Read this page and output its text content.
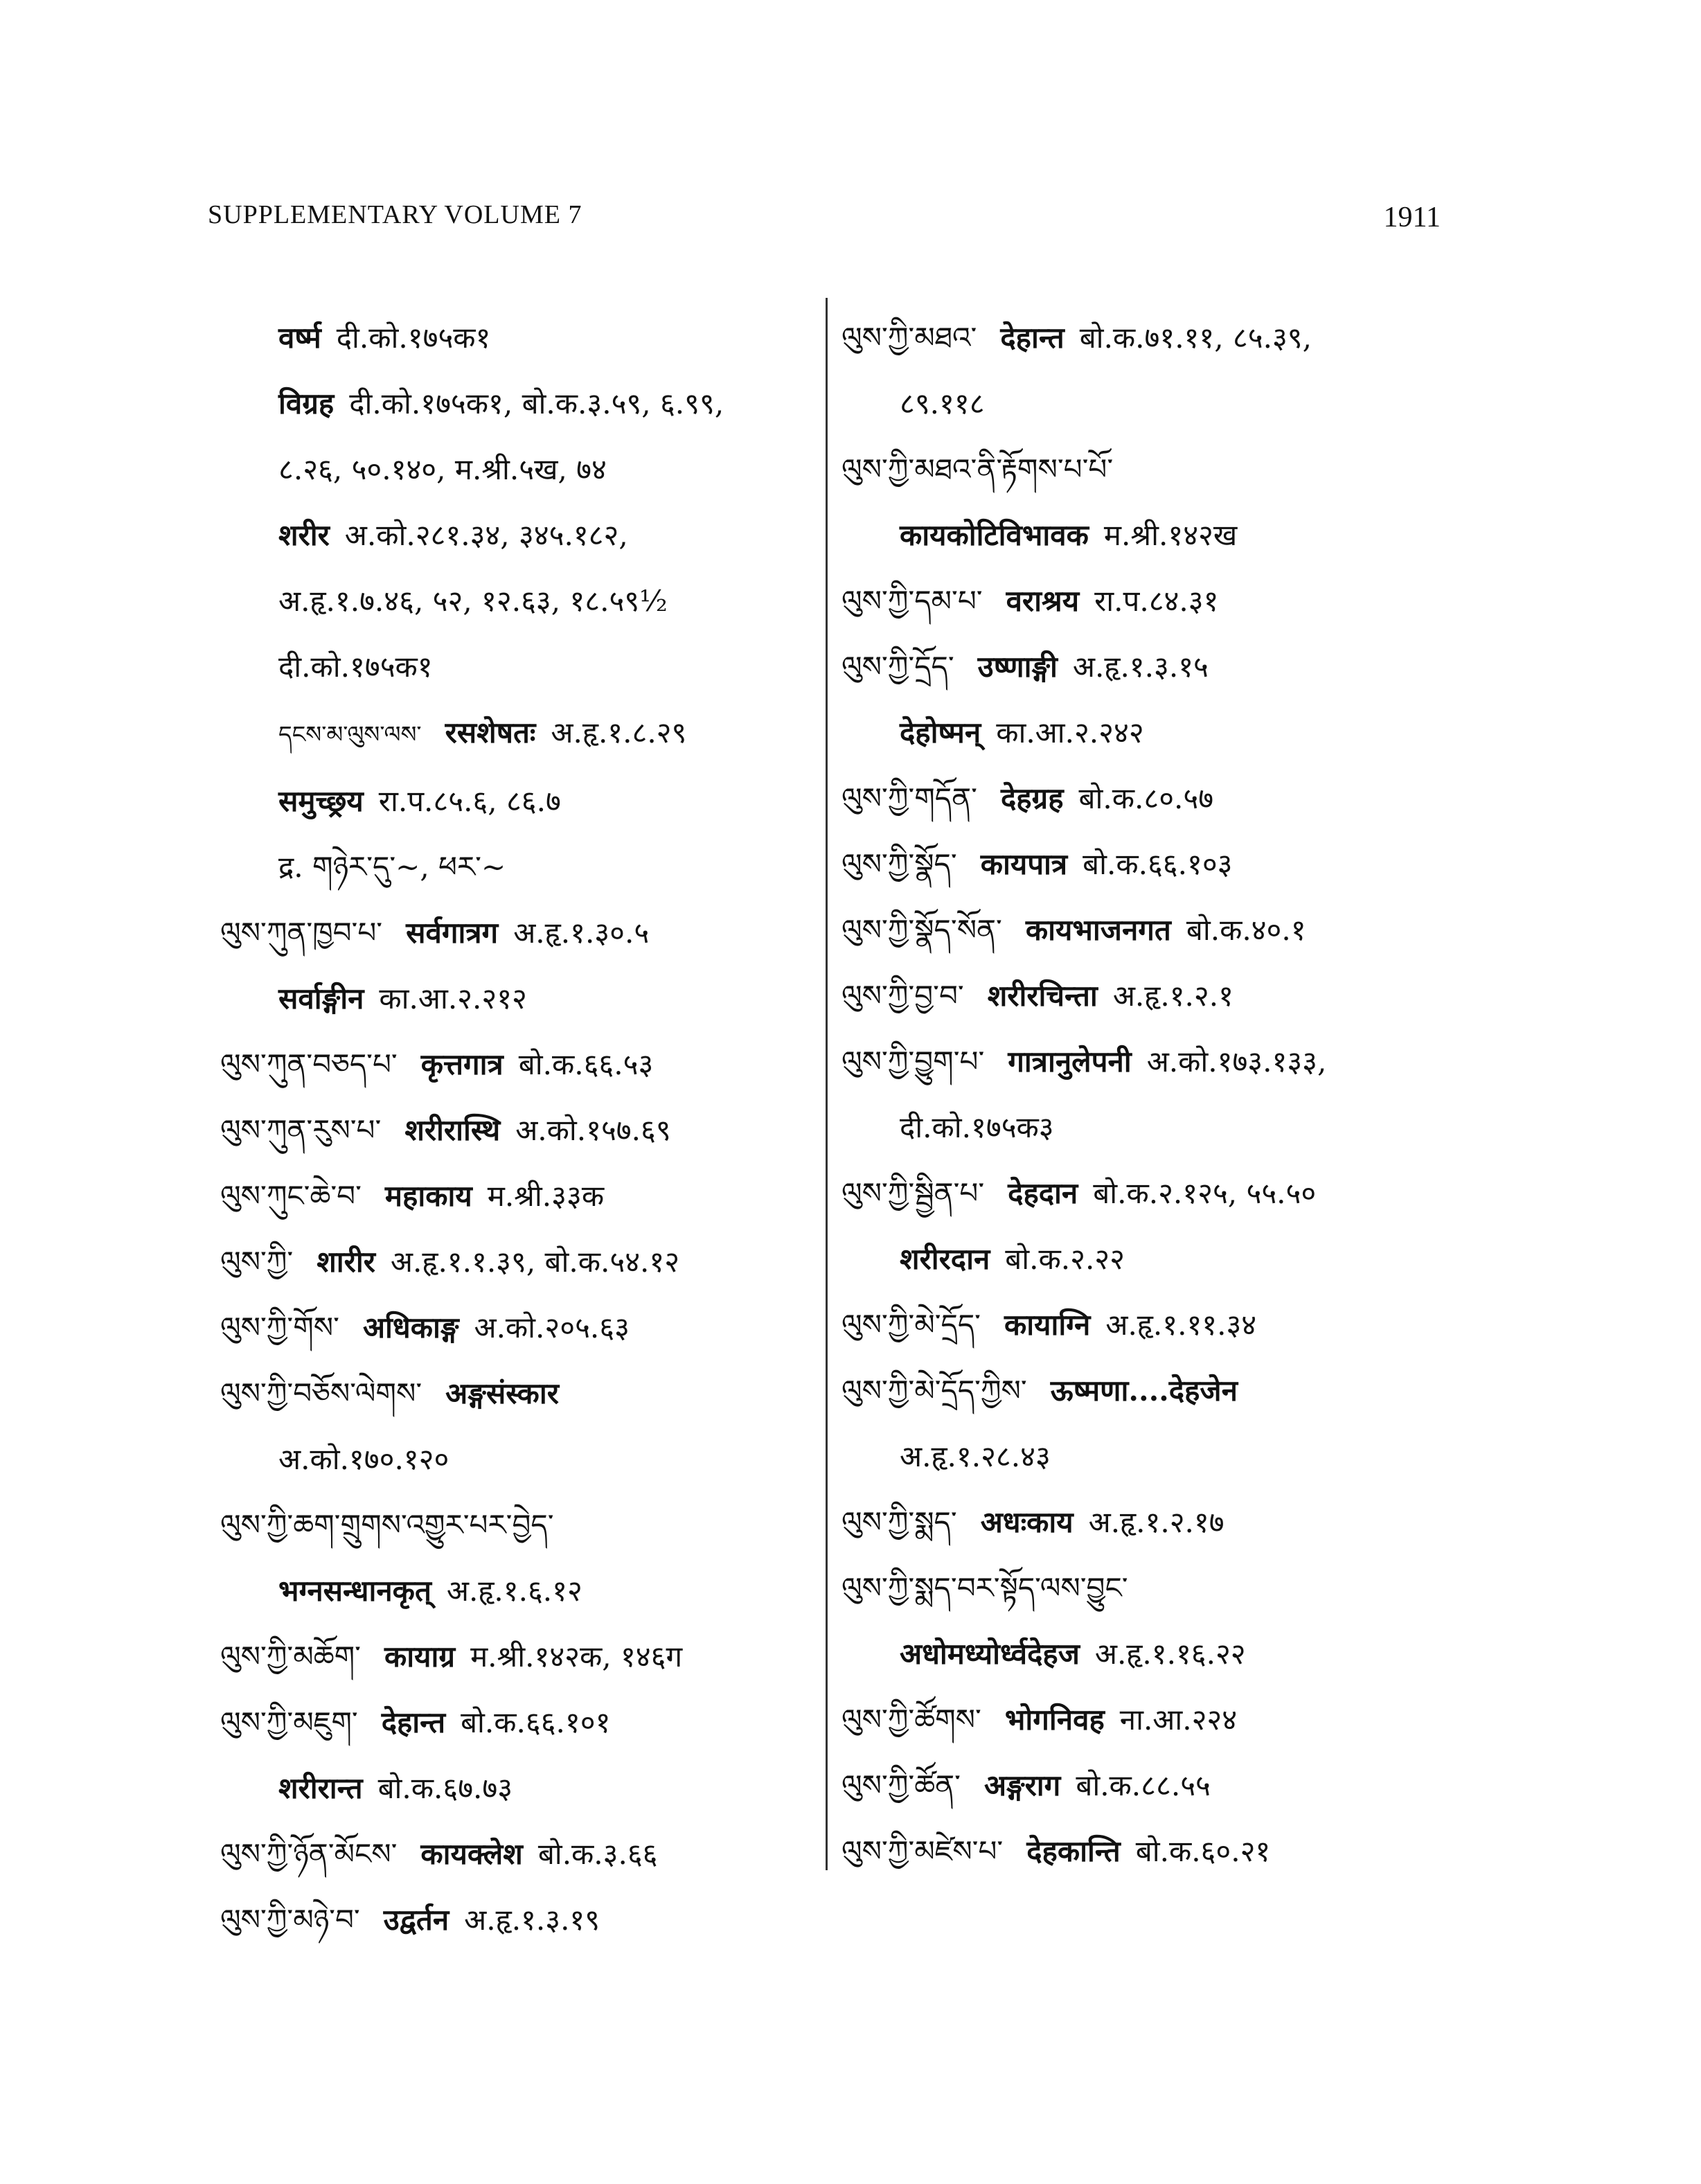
SUPPLEMENTARY VOLUME 7	1911
वर्ष्म दी.को.१७५क१
विग्रह दी.को.१७५क१, बो.क.३.५९, ६.९९,
८.२६, ५०.१४०, म.श्री.५ख, ७४
शरीर अ.को.२८१.३४, ३४५.१८२,
अ.हृ.१.७.४६, ५२, १२.६३, १८.५९½
दी.को.१७५क१
དངས་མ་ལུས་ལས་ रसशेषतः अ.हृ.१.८.२९
समुच्छ्रय रा.प.८५.६, ८६.७
द्र. གཉེར་དུ་~, ཕར་~
ལུས་ཀུན་ཁྱབ་པ་ सर्वगात्रग अ.हृ.१.३०.५
सर्वाङ्गीन का.आ.२.२१२
ལུས་ཀུན་བཅད་པ་ कृत्तगात्र बो.क.६६.५३
ལུས་ཀུན་རུས་པ་ शरीरास्थि अ.को.१५७.६९
ལུས་ཀུང་ཆེ་བ་ महाकाय म.श्री.३३क
ལུས་ཀྱི་ शारीर अ.हृ.१.१.३९, बो.क.५४.१२
ལུས་ཀྱི་གོས་ अधिकाङ्ग अ.को.२०५.६३
ལུས་ཀྱི་བཅོས་ལེགས་ अङ्गसंस्कार
अ.को.१७०.१२०
ལུས་ཀྱི་ཆག་གྲུགས་འགྱུར་པར་བྱེད་
भग्नसन्धानकृत् अ.हृ.१.६.१२
ལུས་ཀྱི་མཆོག་ कायाग्र म.श्री.१४२क, १४६ग
ལུས་ཀྱི་མཇུག་ देहान्त बो.क.६६.१०१
शरीरान्त बो.क.६७.७३
ལུས་ཀྱི་ཉོན་མོངས་ कायक्लेश बो.क.३.६६
ལུས་ཀྱི་མཉེ་བ་ उद्वर्तन अ.हृ.१.३.१९
ལུས་ཀྱི་མཐའ་ देहान्त बो.क.७१.११, ८५.३९,
८९.११८
ལུས་ཀྱི་མཐའ་ནི་རྟོགས་པ་པོ་
कायकोटिविभावक म.श्री.१४२ख
ལུས་ཀྱི་དམ་པ་ वराश्रय रा.प.८४.३१
ལུས་ཀྱི་དྲོད་ उष्णाङ्गी अ.हृ.१.३.१५
देहोष्मन् का.आ.२.२४२
ལུས་ཀྱི་གདོན་ देहग्रह बो.क.८०.५७
ལུས་ཀྱི་སྣོད་ कायपात्र बो.क.६६.१०३
ལུས་ཀྱི་སྣོད་སོན་ कायभाजनगत बो.क.४०.१
ལུས་ཀྱི་བྱ་བ་ शरीरचिन्ता अ.हृ.१.२.१
ལུས་ཀྱི་བྱུག་པ་ गात्रानुलेपनी अ.को.१७३.१३३,
दी.को.१७५क३
ལུས་ཀྱི་སྦྱིན་པ་ देहदान बो.क.२.१२५, ५५.५०
शरीरदान बो.क.२.२२
ལུས་ཀྱི་མེ་དྲོད་ कायाग्नि अ.हृ.१.११.३४
ལུས་ཀྱི་མེ་དྲོད་ཀྱིས་ ऊष्मणा....देहजेन
अ.हृ.१.२८.४३
ལུས་ཀྱི་སྨད་ अधःकाय अ.हृ.१.२.१७
ལུས་ཀྱི་སྨད་བར་སྟོད་ལས་བྱུང་
अधोमध्योर्ध्वदेहज अ.हृ.१.१६.२२
ལུས་ཀྱི་ཚོགས་ भोगनिवह ना.आ.२२४
ལུས་ཀྱི་ཚོན་ अङ्गराग बो.क.८८.५५
ལུས་ཀྱི་མཛེས་པ་ देहकान्ति बो.क.६०.२१
